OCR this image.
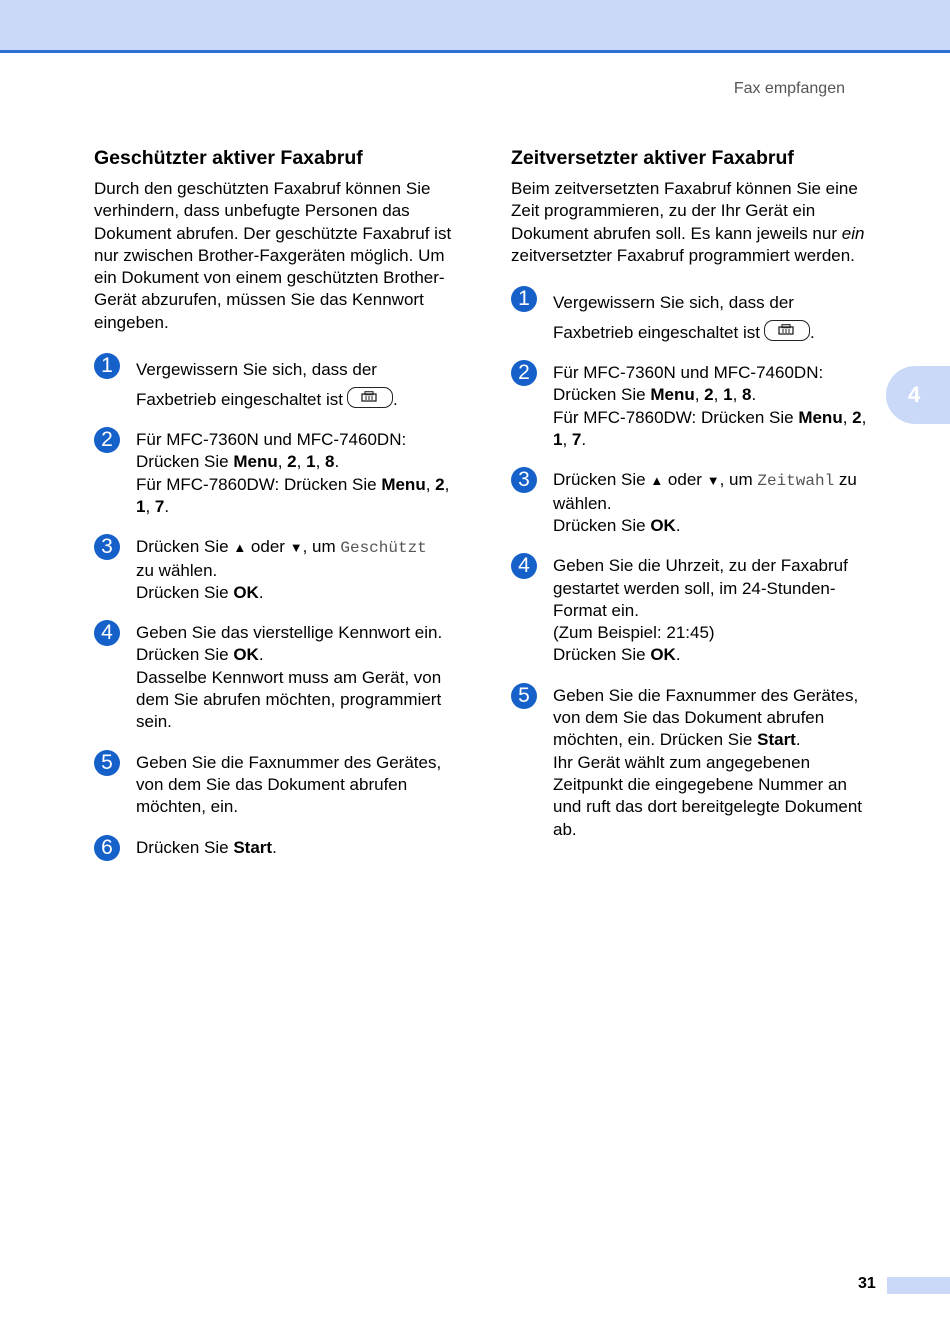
Fax empfangen
4
Geschützter aktiver Faxabruf

Durch den geschützten Faxabruf können Sie verhindern, dass unbefugte Personen das Dokument abrufen. Der geschützte Faxabruf ist nur zwischen Brother-Faxgeräten möglich. Um ein Dokument von einem geschützten Brother-Gerät abzurufen, müssen Sie das Kennwort eingeben.

1	Vergewissern Sie sich, dass der
Faxbetrieb eingeschaltet ist	.
2	Für MFC-7360N und MFC-7460DN:
Drücken Sie Menu, 2, 1, 8.
Für MFC-7860DW: Drücken Sie Menu, 2, 1, 7.
3	Drücken Sie ▲ oder ▼, um Geschützt
zu wählen.
Drücken Sie OK.
4	Geben Sie das vierstellige Kennwort ein.
Drücken Sie OK.
Dasselbe Kennwort muss am Gerät, von dem Sie abrufen möchten, programmiert sein.
5	Geben Sie die Faxnummer des Gerätes, von dem Sie das Dokument abrufen möchten, ein.
6	Drücken Sie Start.
Zeitversetzter aktiver Faxabruf

Beim zeitversetzten Faxabruf können Sie eine Zeit programmieren, zu der Ihr Gerät ein Dokument abrufen soll. Es kann jeweils nur ein zeitversetzter Faxabruf programmiert werden.

1	Vergewissern Sie sich, dass der
Faxbetrieb eingeschaltet ist	.
2	Für MFC-7360N und MFC-7460DN:
Drücken Sie Menu, 2, 1, 8.
Für MFC-7860DW: Drücken Sie Menu, 2, 1, 7.
3	Drücken Sie ▲ oder ▼, um Zeitwahl zu wählen.
Drücken Sie OK.
4	Geben Sie die Uhrzeit, zu der Faxabruf gestartet werden soll, im 24-Stunden-Format ein.
(Zum Beispiel: 21:45)
Drücken Sie OK.
5	Geben Sie die Faxnummer des Gerätes, von dem Sie das Dokument abrufen möchten, ein. Drücken Sie Start.
Ihr Gerät wählt zum angegebenen Zeitpunkt die eingegebene Nummer an und ruft das dort bereitgelegte Dokument ab.
31
